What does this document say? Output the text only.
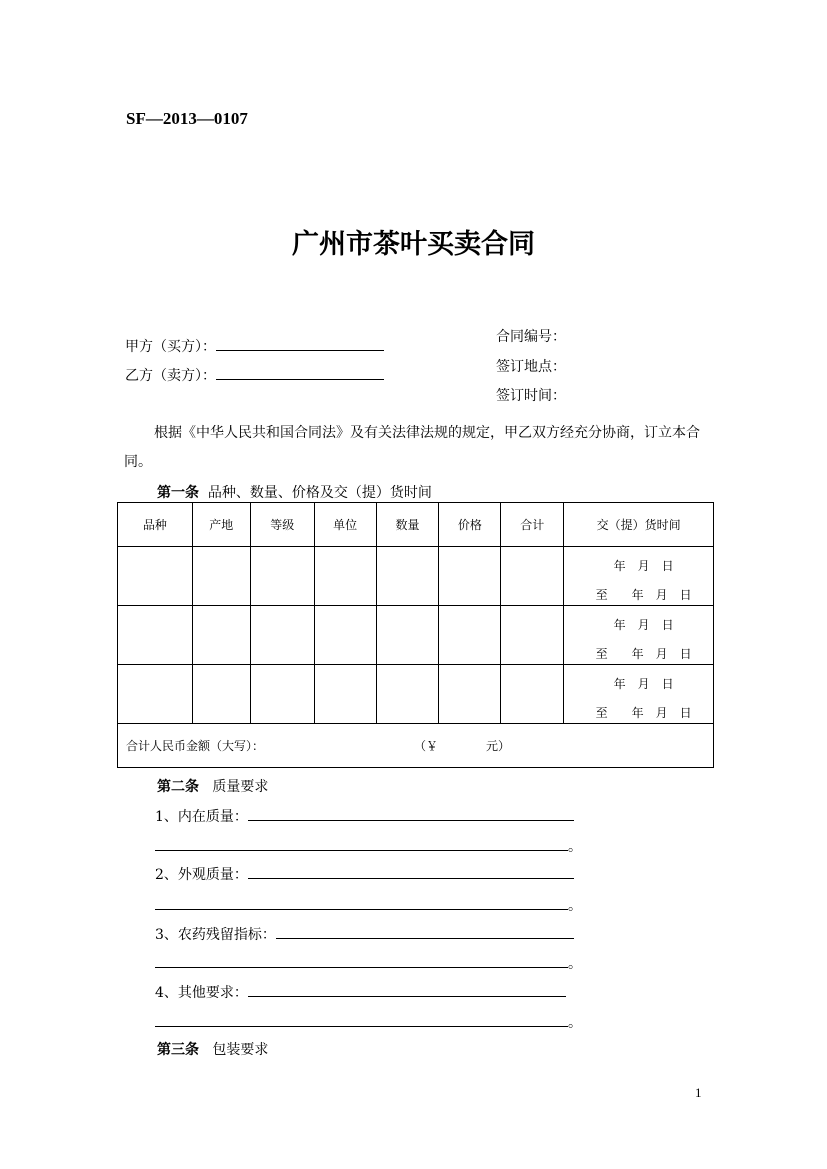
SF—2013—0107
广州市茶叶买卖合同
甲方（买方）：
乙方（卖方）：
合同编号：
签订地点：
签订时间：
根据《中华人民共和国合同法》及有关法律法规的规定，甲乙双方经充分协商，订立本合同。
第一条 品种、数量、价格及交（提）货时间
品种	产地	等级	单位	数量	价格	合计	交（提）货时间

							年　月　日
至　　年　月　日

							年　月　日
至　　年　月　日

							年　月　日
至　　年　月　日

合计人民币金额（大写）： （￥　　　　元）							
第二条 质量要求
1、内在质量：
。
2、外观质量：
。
3、农药残留指标：
。
4、其他要求：
。
第三条 包装要求
1
